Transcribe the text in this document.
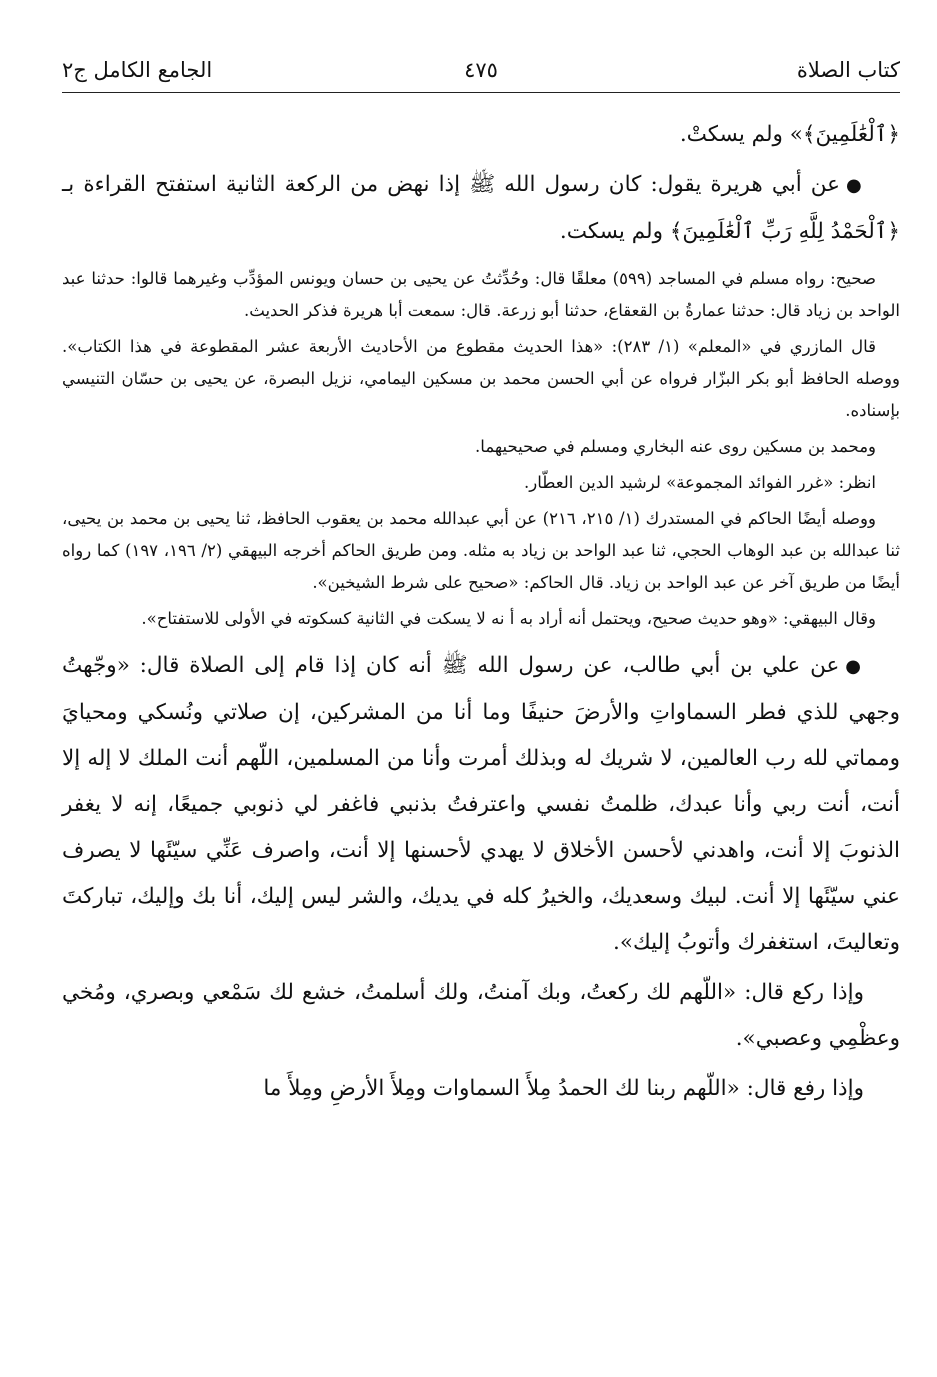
كتاب الصلاة
٤٧٥
الجامع الكامل ج٢

﴿ٱلْعَٰلَمِينَ﴾» ولم يسكتْ.

●عن أبي هريرة يقول: كان رسول الله ﷺ إذا نهض من الركعة الثانية استفتح القراءة بـ ﴿ٱلْحَمْدُ لِلَّهِ رَبِّ ٱلْعَٰلَمِينَ﴾ ولم يسكت.

صحيح: رواه مسلم في المساجد (٥٩٩) معلقًا قال: وحُدِّثتُ عن يحيى بن حسان ويونس المؤدِّب وغيرهما قالوا: حدثنا عبد الواحد بن زياد قال: حدثنا عمارةُ بن القعقاع، حدثنا أبو زرعة. قال: سمعت أبا هريرة فذكر الحديث.

قال المازري في «المعلم» (١/ ٢٨٣): «هذا الحديث مقطوع من الأحاديث الأربعة عشر المقطوعة في هذا الكتاب». ووصله الحافظ أبو بكر البزّار فرواه عن أبي الحسن محمد بن مسكين اليمامي، نزيل البصرة، عن يحيى بن حسّان التنيسي بإسناده.

ومحمد بن مسكين روى عنه البخاري ومسلم في صحيحيهما.

انظر: «غرر الفوائد المجموعة» لرشيد الدين العطّار.

ووصله أيضًا الحاكم في المستدرك (١/ ٢١٥، ٢١٦) عن أبي عبدالله محمد بن يعقوب الحافظ، ثنا يحيى بن محمد بن يحيى، ثنا عبدالله بن عبد الوهاب الحجي، ثنا عبد الواحد بن زياد به مثله. ومن طريق الحاكم أخرجه البيهقي (٢/ ١٩٦، ١٩٧) كما رواه أيضًا من طريق آخر عن عبد الواحد بن زياد. قال الحاكم: «صحيح على شرط الشيخين».

وقال البيهقي: «وهو حديث صحيح، ويحتمل أنه أراد به أ نه لا يسكت في الثانية كسكوته في الأولى للاستفتاح».

●عن علي بن أبي طالب، عن رسول الله ﷺ أنه كان إذا قام إلى الصلاة قال: «وجّهتُ وجهي للذي فطر السماواتِ والأرضَ حنيفًا وما أنا من المشركين، إن صلاتي ونُسكي ومحيايَ ومماتي لله رب العالمين، لا شريك له وبذلك أمرت وأنا من المسلمين، اللّهم أنت الملك لا إله إلا أنت، أنت ربي وأنا عبدك، ظلمتُ نفسي واعترفتُ بذنبي فاغفر لي ذنوبي جميعًا، إنه لا يغفر الذنوبَ إلا أنت، واهدني لأحسن الأخلاق لا يهدي لأحسنها إلا أنت، واصرف عَنِّي سيّئَها لا يصرف عني سيّئَها إلا أنت. لبيك وسعديك، والخيرُ كله في يديك، والشر ليس إليك، أنا بك وإليك، تباركتَ وتعاليتَ، استغفرك وأتوبُ إليك».

وإذا ركع قال: «اللّهم لك ركعتُ، وبك آمنتُ، ولك أسلمتُ، خشع لك سَمْعي وبصري، ومُخي وعظْمِي وعصبي».

وإذا رفع قال: «اللّهم ربنا لك الحمدُ مِلأَ السماوات ومِلأَ الأرضِ ومِلأَ ما
